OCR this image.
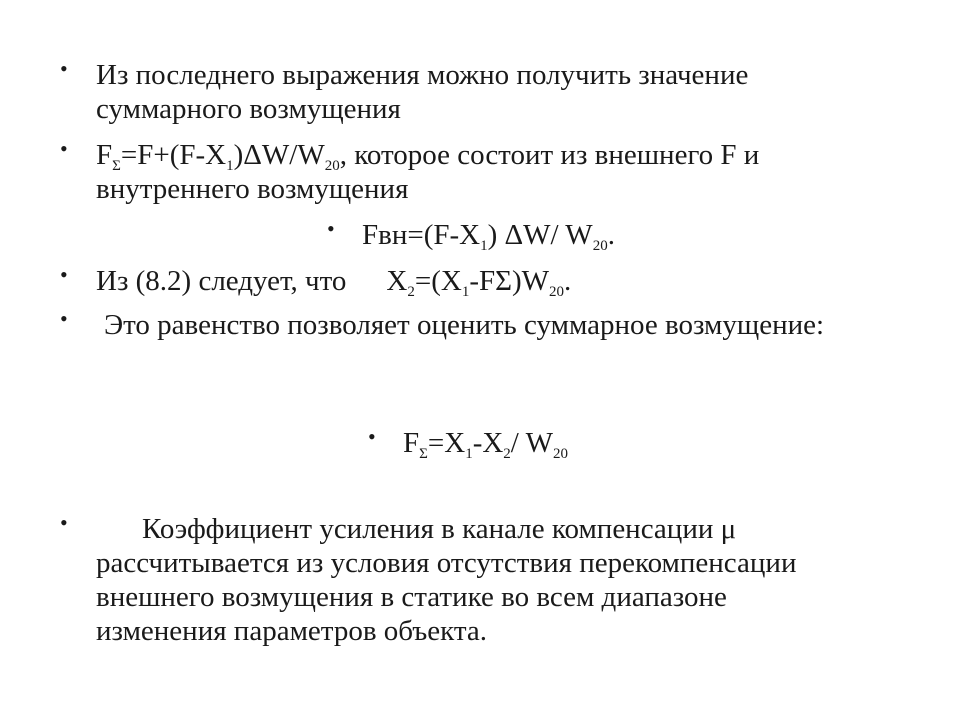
• Из последнего выражения можно получить значение
суммарного возмущения
• $F_\Sigma=F+(F-X_1)\Delta W/W_{20}$, которое состоит из внешнего F и
внутреннего возмущения
• $Fвн=(F-X_1)$ ΔW/ $W_{20}$.
• Из (8.2) следует, что $X_2=(X_1-F\Sigma)W_{20}$.
• Это равенство позволяет оценить суммарное возмущение:
• $F_\Sigma=X_1-X_2/$ $W_{20}$
•	Коэффициент усиления в канале компенсации μ
рассчитывается из условия отсутствия перекомпенсации
внешнего возмущения в статике во всем диапазоне
изменения параметров объекта.
